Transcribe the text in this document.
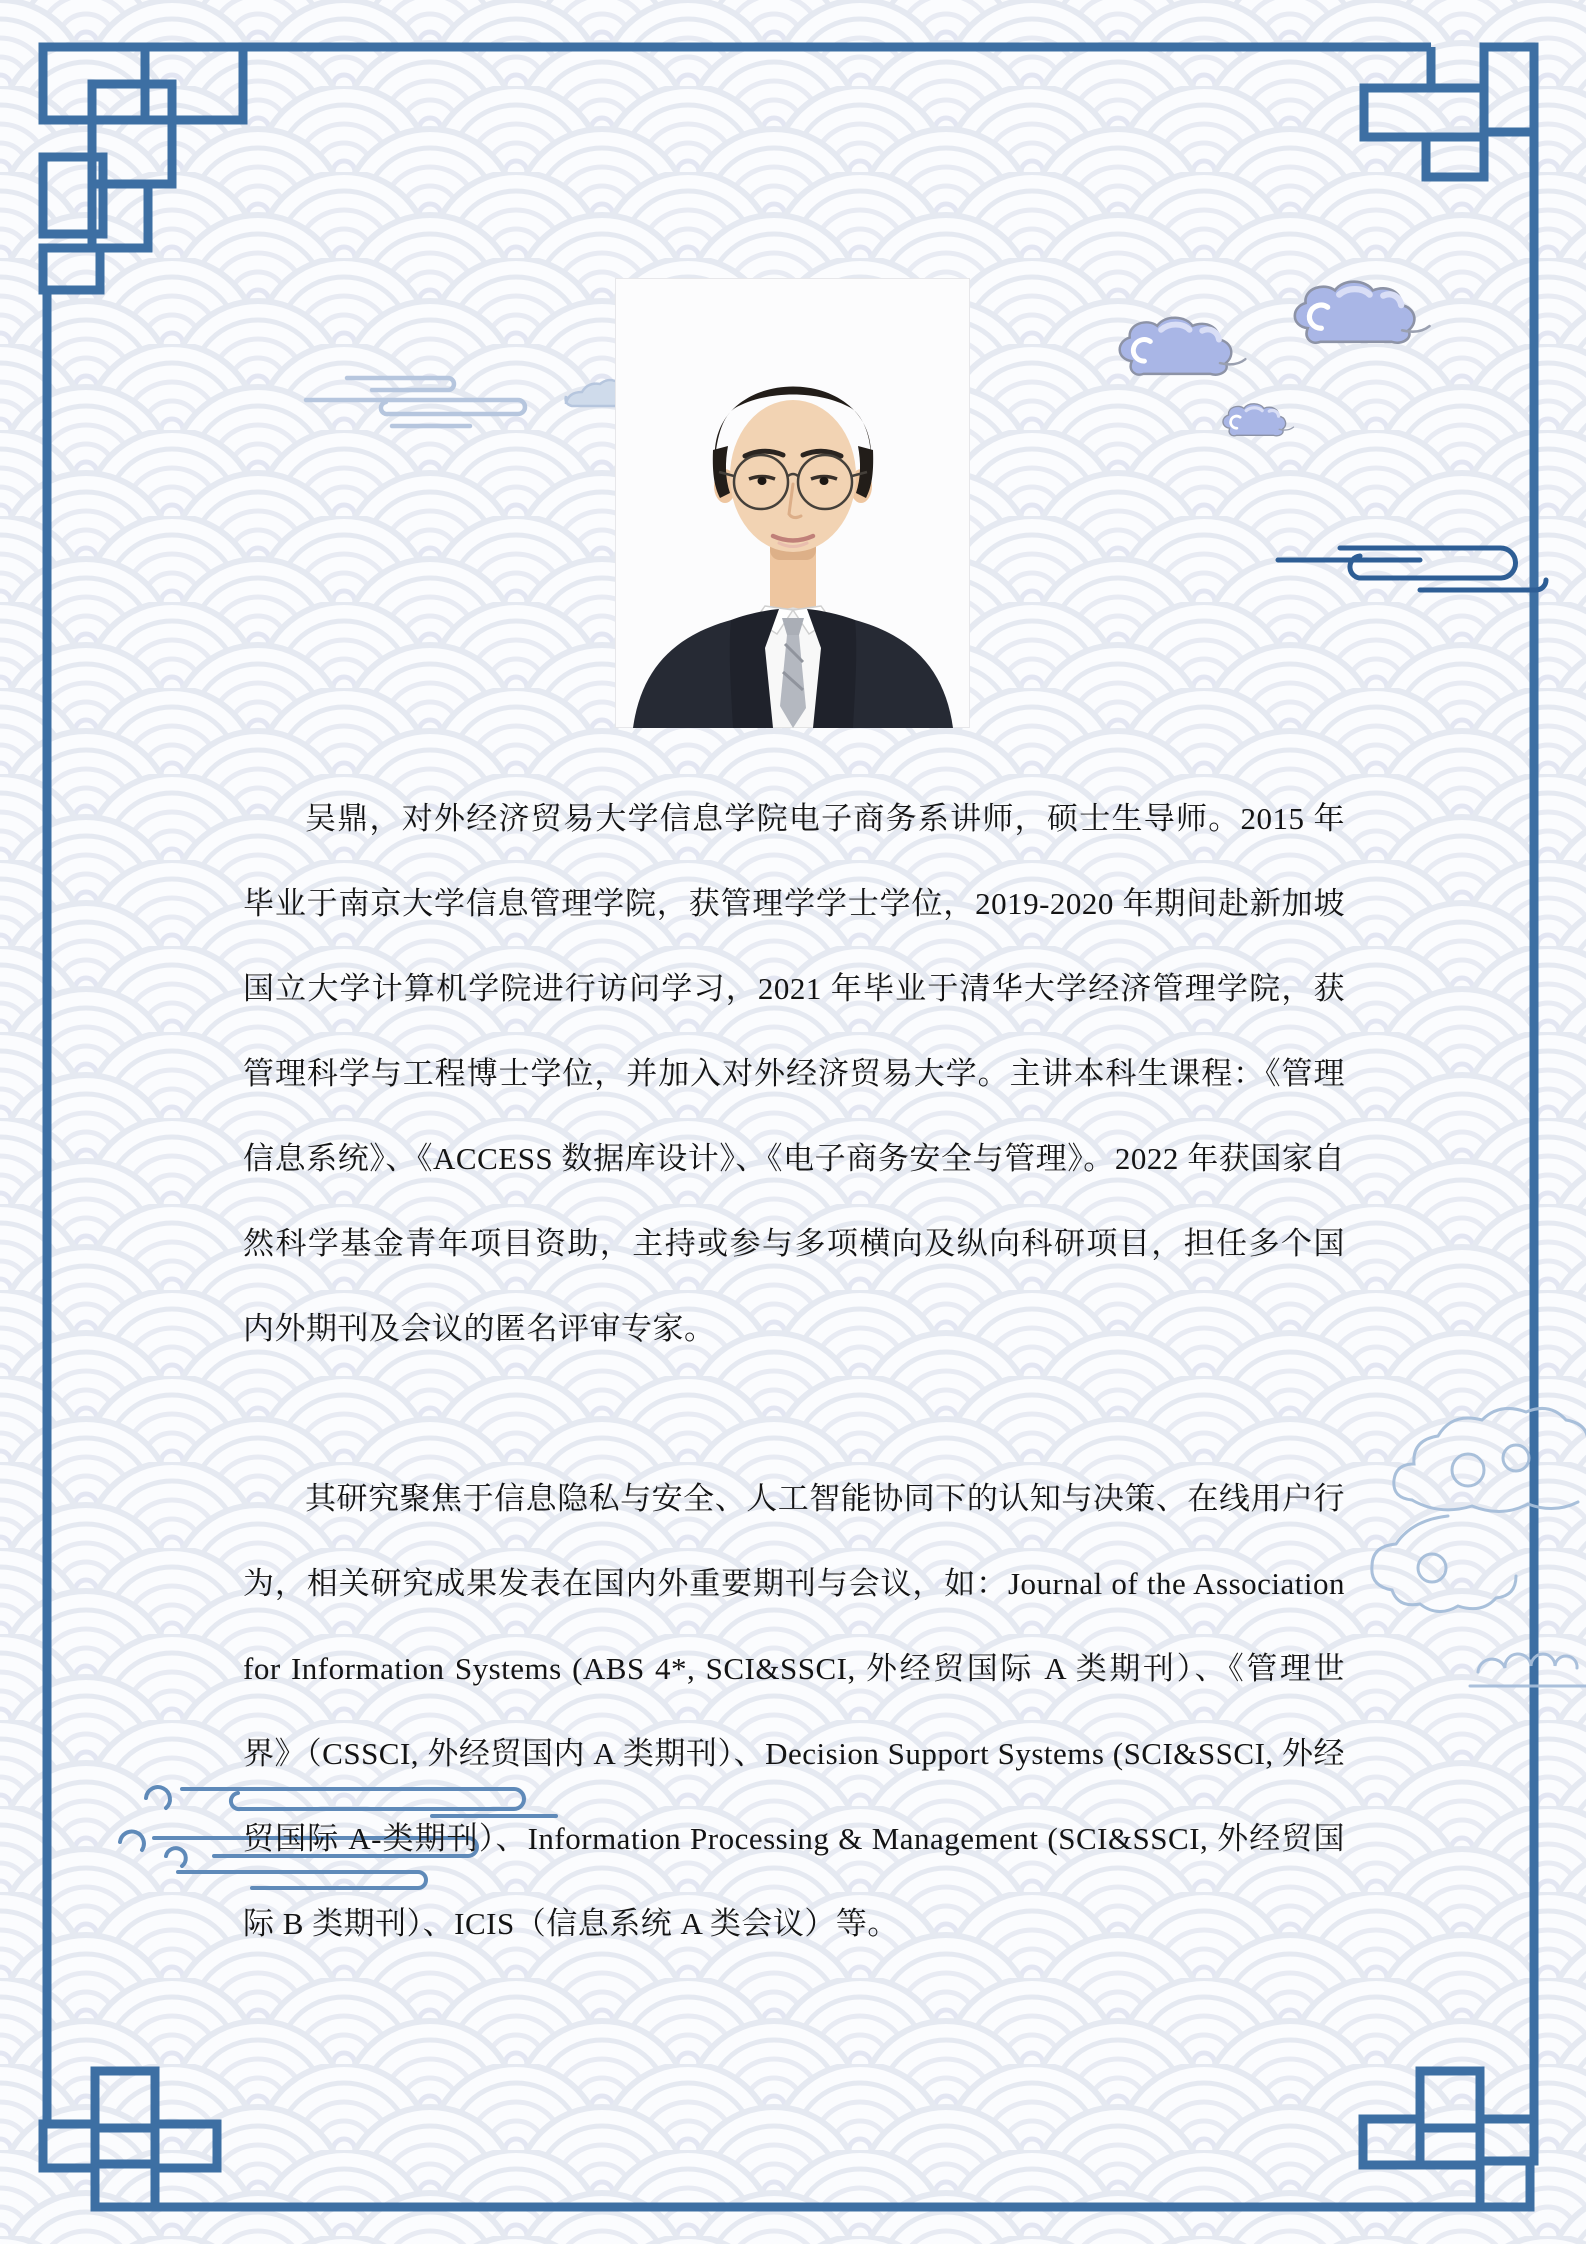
吴鼎，对外经济贸易大学信息学院电子商务系讲师，硕士生导师。2015 年毕业于南京大学信息管理学院，获管理学学士学位，2019-2020 年期间赴新加坡国立大学计算机学院进行访问学习，2021 年毕业于清华大学经济管理学院，获管理科学与工程博士学位，并加入对外经济贸易大学。主讲本科生课程：《管理信息系统》、《ACCESS 数据库设计》、《电子商务安全与管理》。2022 年获国家自然科学基金青年项目资助，主持或参与多项横向及纵向科研项目，担任多个国内外期刊及会议的匿名评审专家。

其研究聚焦于信息隐私与安全、人工智能协同下的认知与决策、在线用户行为，相关研究成果发表在国内外重要期刊与会议，如：Journal of the Association for Information Systems (ABS 4*, SCI&SSCI, 外经贸国际 A 类期刊）、《管理世界》（CSSCI, 外经贸国内 A 类期刊）、Decision Support Systems (SCI&SSCI, 外经贸国际 A-类期刊）、Information Processing & Management (SCI&SSCI, 外经贸国际 B 类期刊）、ICIS（信息系统 A 类会议）等。
